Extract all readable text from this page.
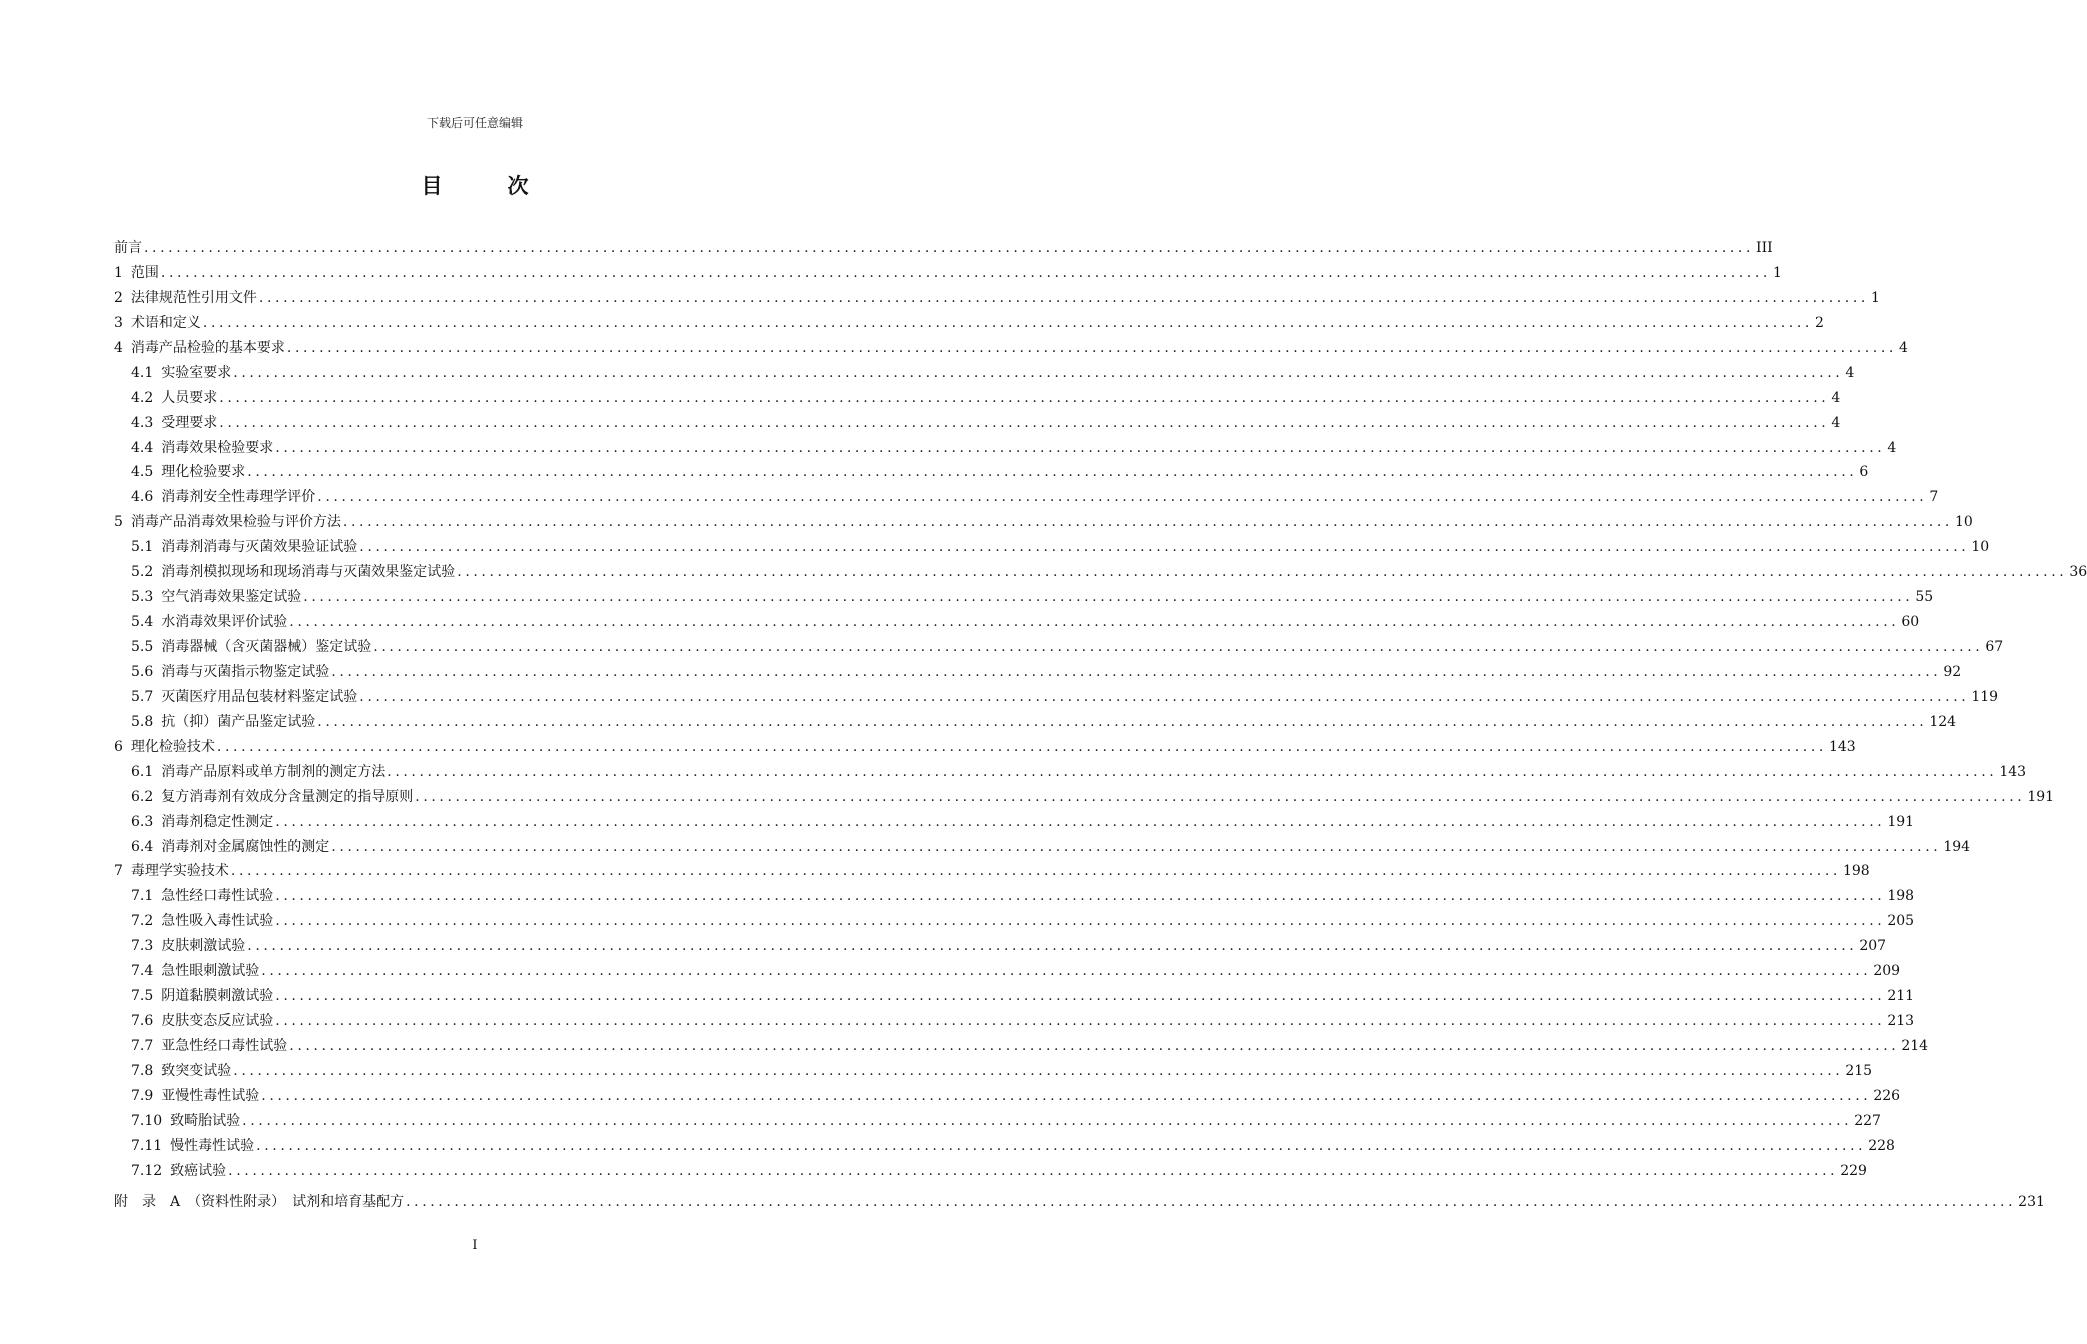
下载后可任意编辑
目　次
前言 ........................................................................................................................................................................................................ III
1 范围 ........................................................................................................................................................................................................ 1
2 法律规范性引用文件 ........................................................................................................................................................................................................ 1
3 术语和定义 ........................................................................................................................................................................................................ 2
4 消毒产品检验的基本要求 ........................................................................................................................................................................................................ 4
4.1 实验室要求 ........................................................................................................................................................................................................ 4
4.2 人员要求 ........................................................................................................................................................................................................ 4
4.3 受理要求 ........................................................................................................................................................................................................ 4
4.4 消毒效果检验要求 ........................................................................................................................................................................................................ 4
4.5 理化检验要求 ........................................................................................................................................................................................................ 6
4.6 消毒剂安全性毒理学评价 ........................................................................................................................................................................................................ 7
5 消毒产品消毒效果检验与评价方法 ........................................................................................................................................................................................................ 10
5.1 消毒剂消毒与灭菌效果验证试验 ........................................................................................................................................................................................................ 10
5.2 消毒剂模拟现场和现场消毒与灭菌效果鉴定试验 ........................................................................................................................................................................................................ 36
5.3 空气消毒效果鉴定试验 ........................................................................................................................................................................................................ 55
5.4 水消毒效果评价试验 ........................................................................................................................................................................................................ 60
5.5 消毒器械（含灭菌器械）鉴定试验 ........................................................................................................................................................................................................ 67
5.6 消毒与灭菌指示物鉴定试验 ........................................................................................................................................................................................................ 92
5.7 灭菌医疗用品包装材料鉴定试验 ........................................................................................................................................................................................................ 119
5.8 抗（抑）菌产品鉴定试验 ........................................................................................................................................................................................................ 124
6 理化检验技术 ........................................................................................................................................................................................................ 143
6.1 消毒产品原料或单方制剂的测定方法 ........................................................................................................................................................................................................ 143
6.2 复方消毒剂有效成分含量测定的指导原则 ........................................................................................................................................................................................................ 191
6.3 消毒剂稳定性测定 ........................................................................................................................................................................................................ 191
6.4 消毒剂对金属腐蚀性的测定 ........................................................................................................................................................................................................ 194
7 毒理学实验技术 ........................................................................................................................................................................................................ 198
7.1 急性经口毒性试验 ........................................................................................................................................................................................................ 198
7.2 急性吸入毒性试验 ........................................................................................................................................................................................................ 205
7.3 皮肤刺激试验 ........................................................................................................................................................................................................ 207
7.4 急性眼刺激试验 ........................................................................................................................................................................................................ 209
7.5 阴道黏膜刺激试验 ........................................................................................................................................................................................................ 211
7.6 皮肤变态反应试验 ........................................................................................................................................................................................................ 213
7.7 亚急性经口毒性试验 ........................................................................................................................................................................................................ 214
7.8 致突变试验 ........................................................................................................................................................................................................ 215
7.9 亚慢性毒性试验 ........................................................................................................................................................................................................ 226
7.10 致畸胎试验 ........................................................................................................................................................................................................ 227
7.11 慢性毒性试验 ........................................................................................................................................................................................................ 228
7.12 致癌试验 ........................................................................................................................................................................................................ 229
附　录　A　（资料性附录）　试剂和培育基配方 ........................................................................................................................................................................................................ 231
I
